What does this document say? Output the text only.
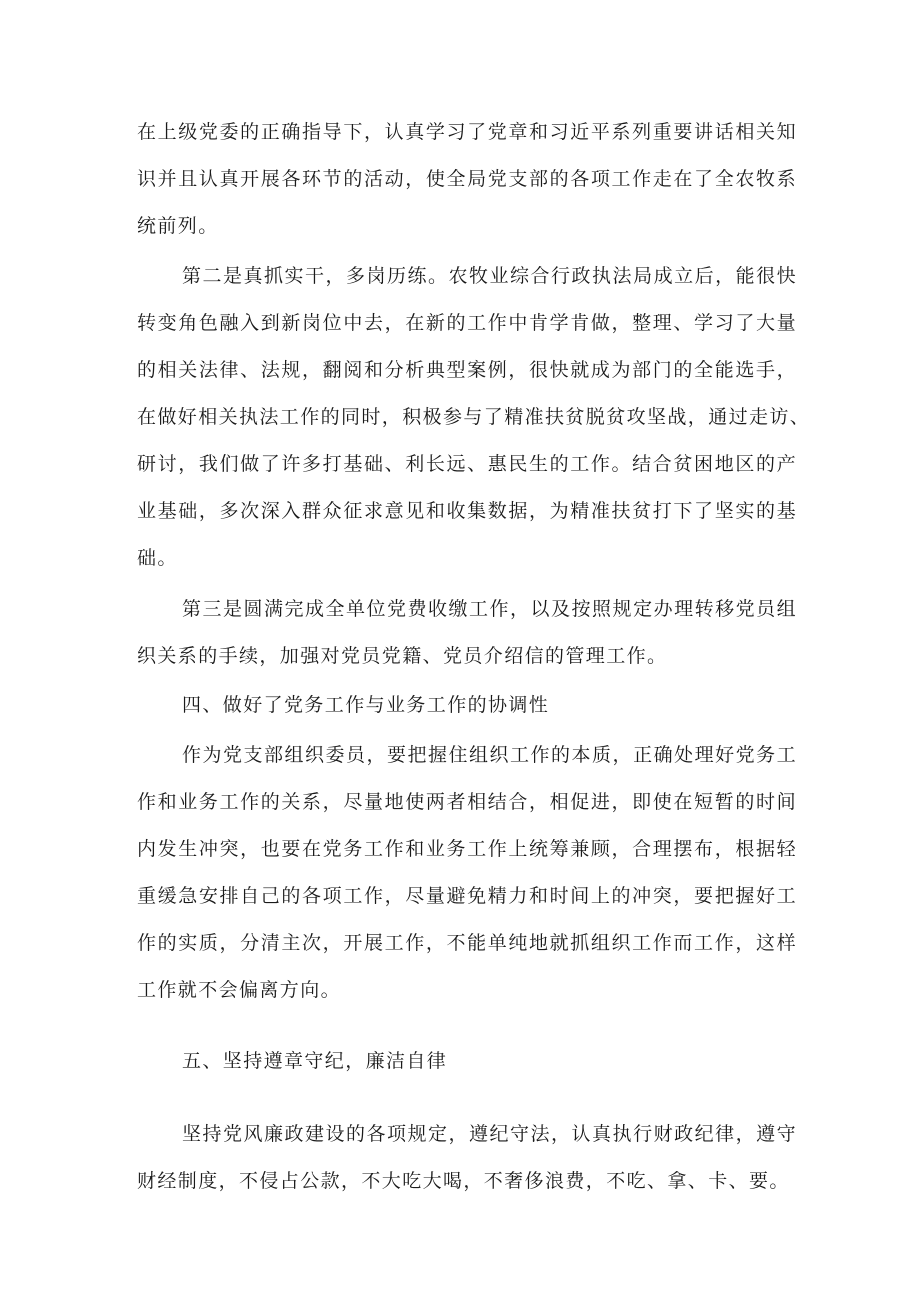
在上级党委的正确指导下，认真学习了党章和习近平系列重要讲话相关知
识并且认真开展各环节的活动，使全局党支部的各项工作走在了全农牧系
统前列。
第二是真抓实干，多岗历练。农牧业综合行政执法局成立后，能很快
转变角色融入到新岗位中去，在新的工作中肯学肯做，整理、学习了大量
的相关法律、法规，翻阅和分析典型案例，很快就成为部门的全能选手，
在做好相关执法工作的同时，积极参与了精准扶贫脱贫攻坚战，通过走访、
研讨，我们做了许多打基础、利长远、惠民生的工作。结合贫困地区的产
业基础，多次深入群众征求意见和收集数据，为精准扶贫打下了坚实的基
础。
第三是圆满完成全单位党费收缴工作，以及按照规定办理转移党员组
织关系的手续，加强对党员党籍、党员介绍信的管理工作。
四、做好了党务工作与业务工作的协调性
作为党支部组织委员，要把握住组织工作的本质，正确处理好党务工
作和业务工作的关系，尽量地使两者相结合，相促进，即使在短暂的时间
内发生冲突，也要在党务工作和业务工作上统筹兼顾，合理摆布，根据轻
重缓急安排自己的各项工作，尽量避免精力和时间上的冲突，要把握好工
作的实质，分清主次，开展工作，不能单纯地就抓组织工作而工作，这样
工作就不会偏离方向。
五、坚持遵章守纪，廉洁自律
坚持党风廉政建设的各项规定，遵纪守法，认真执行财政纪律，遵守
财经制度，不侵占公款，不大吃大喝，不奢侈浪费，不吃、拿、卡、要。
